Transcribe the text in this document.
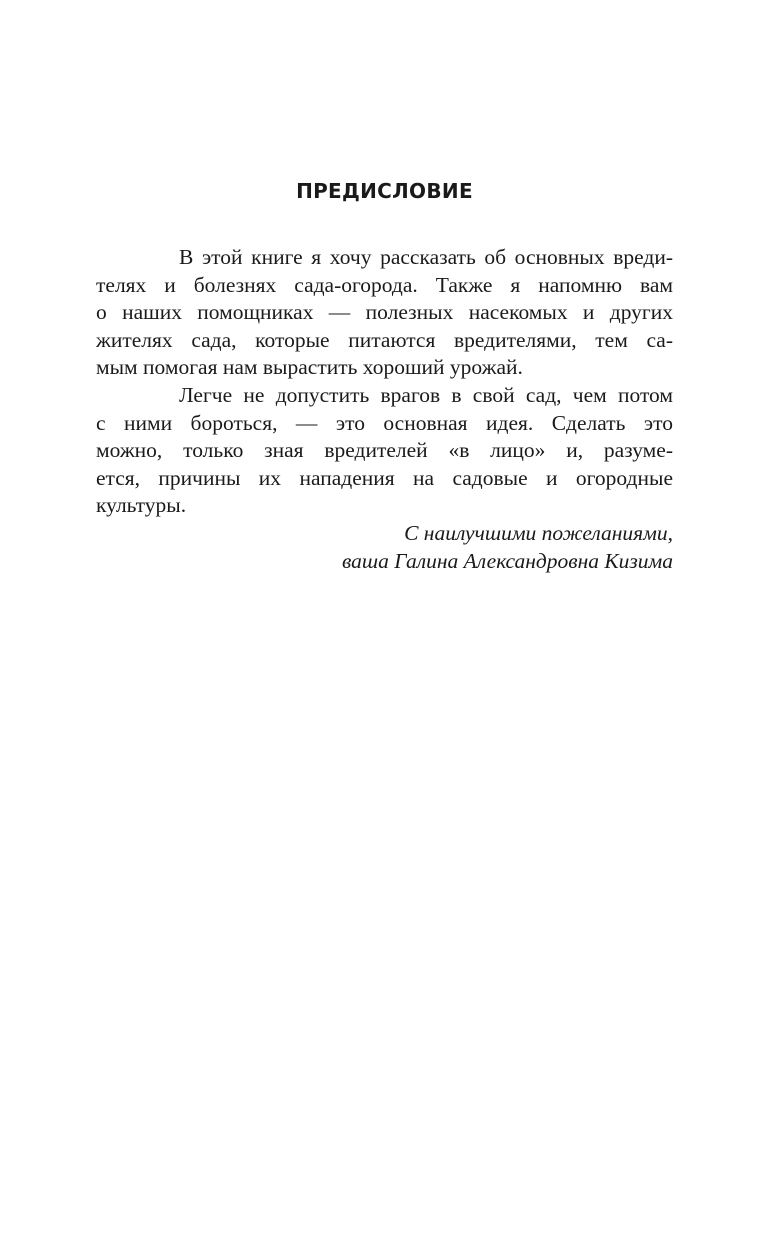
ПРЕДИСЛОВИЕ
В этой книге я хочу рассказать об основных вреди-
телях и болезнях сада-огорода. Также я напомню вам
о наших помощниках — полезных насекомых и других
жителях сада, которые питаются вредителями, тем са-
мым помогая нам вырастить хороший урожай.
Легче не допустить врагов в свой сад, чем потом
с ними бороться, — это основная идея. Сделать это
можно, только зная вредителей «в лицо» и, разуме-
ется, причины их нападения на садовые и огородные
культуры.
С наилучшими пожеланиями,
ваша Галина Александровна Кизима
